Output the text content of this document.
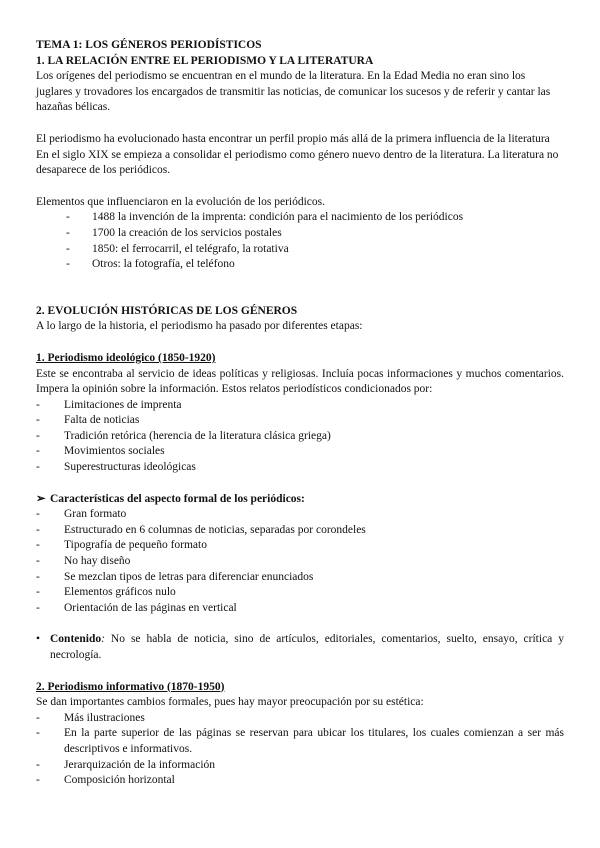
TEMA 1: LOS GÉNEROS PERIODÍSTICOS

1. LA RELACIÓN ENTRE EL PERIODISMO Y LA LITERATURA

Los orígenes del periodismo se encuentran en el mundo de la literatura. En la Edad Media no eran sino los juglares y trovadores los encargados de transmitir las noticias, de comunicar los sucesos y de referir y cantar las hazañas bélicas.

El periodismo ha evolucionado hasta encontrar un perfil propio más allá de la primera influencia de la literatura En el siglo XIX se empieza a consolidar el periodismo como género nuevo dentro de la literatura. La literatura no desaparece de los periódicos.

Elementos que influenciaron en la evolución de los periódicos.

-	1488 la invención de la imprenta: condición para el nacimiento de los periódicos
-	1700 la creación de los servicios postales
-	1850: el ferrocarril, el telégrafo, la rotativa
-	Otros: la fotografía, el teléfono

2. EVOLUCIÓN HISTÓRICAS DE LOS GÉNEROS

A lo largo de la historia, el periodismo ha pasado por diferentes etapas:

1. Periodismo ideológico (1850-1920)

Este se encontraba al servicio de ideas políticas y religiosas. Incluía pocas informaciones y muchos comentarios. Impera la opinión sobre la información. Estos relatos periodísticos condicionados por:

-	Limitaciones de imprenta
-	Falta de noticias
-	Tradición retórica (herencia de la literatura clásica griega)
-	Movimientos sociales
-	Superestructuras ideológicas

➢ Características del aspecto formal de los periódicos:

-	Gran formato
-	Estructurado en 6 columnas de noticias, separadas por corondeles
-	Tipografía de pequeño formato
-	No hay diseño
-	Se mezclan tipos de letras para diferenciar enunciados
-	Elementos gráficos nulo
-	Orientación de las páginas en vertical

• Contenido: No se habla de noticia, sino de artículos, editoriales, comentarios, suelto, ensayo, crítica y necrología.

2. Periodismo informativo (1870-1950)

Se dan importantes cambios formales, pues hay mayor preocupación por su estética:

-	Más ilustraciones
-	En la parte superior de las páginas se reservan para ubicar los titulares, los cuales comienzan a ser más descriptivos e informativos.
-	Jerarquización de la información
-	Composición horizontal
